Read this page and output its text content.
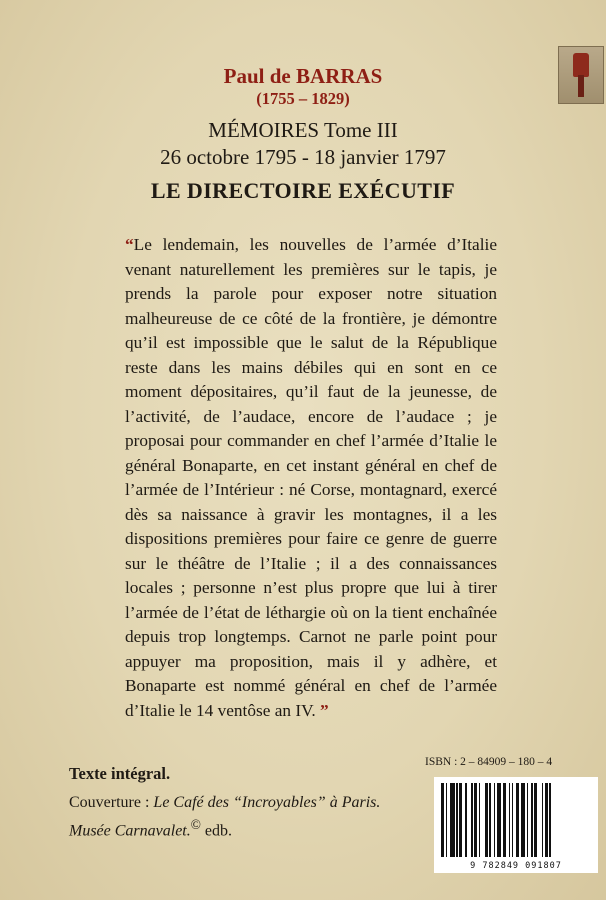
Paul de BARRAS
(1755 – 1829)
MÉMOIRES Tome III
26 octobre 1795 - 18 janvier 1797
LE DIRECTOIRE EXÉCUTIF

“Le lendemain, les nouvelles de l’armée d’Italie venant naturellement les premières sur le tapis, je prends la parole pour exposer notre situation malheureuse de ce côté de la frontière, je démontre qu’il est impossible que le salut de la République reste dans les mains débiles qui en sont en ce moment dépositaires, qu’il faut de la jeunesse, de l’activité, de l’audace, encore de l’audace ; je proposai pour commander en chef l’armée d’Italie le général Bonaparte, en cet instant général en chef de l’armée de l’Intérieur : né Corse, montagnard, exercé dès sa naissance à gravir les montagnes, il a les dispositions premières pour faire ce genre de guerre sur le théâtre de l’Italie ; il a des connaissances locales ; personne n’est plus propre que lui à tirer l’armée de l’état de léthargie où on la tient enchaînée depuis trop longtemps. Carnot ne parle point pour appuyer ma proposition, mais il y adhère, et Bonaparte est nommé général en chef de l’armée d’Italie le 14 ventôse an IV. ”

ISBN : 2 – 84909 – 180 – 4
Texte intégral.
Couverture : Le Café des “Incroyables” à Paris.
Musée Carnavalet.© edb.
9 782849 091807
